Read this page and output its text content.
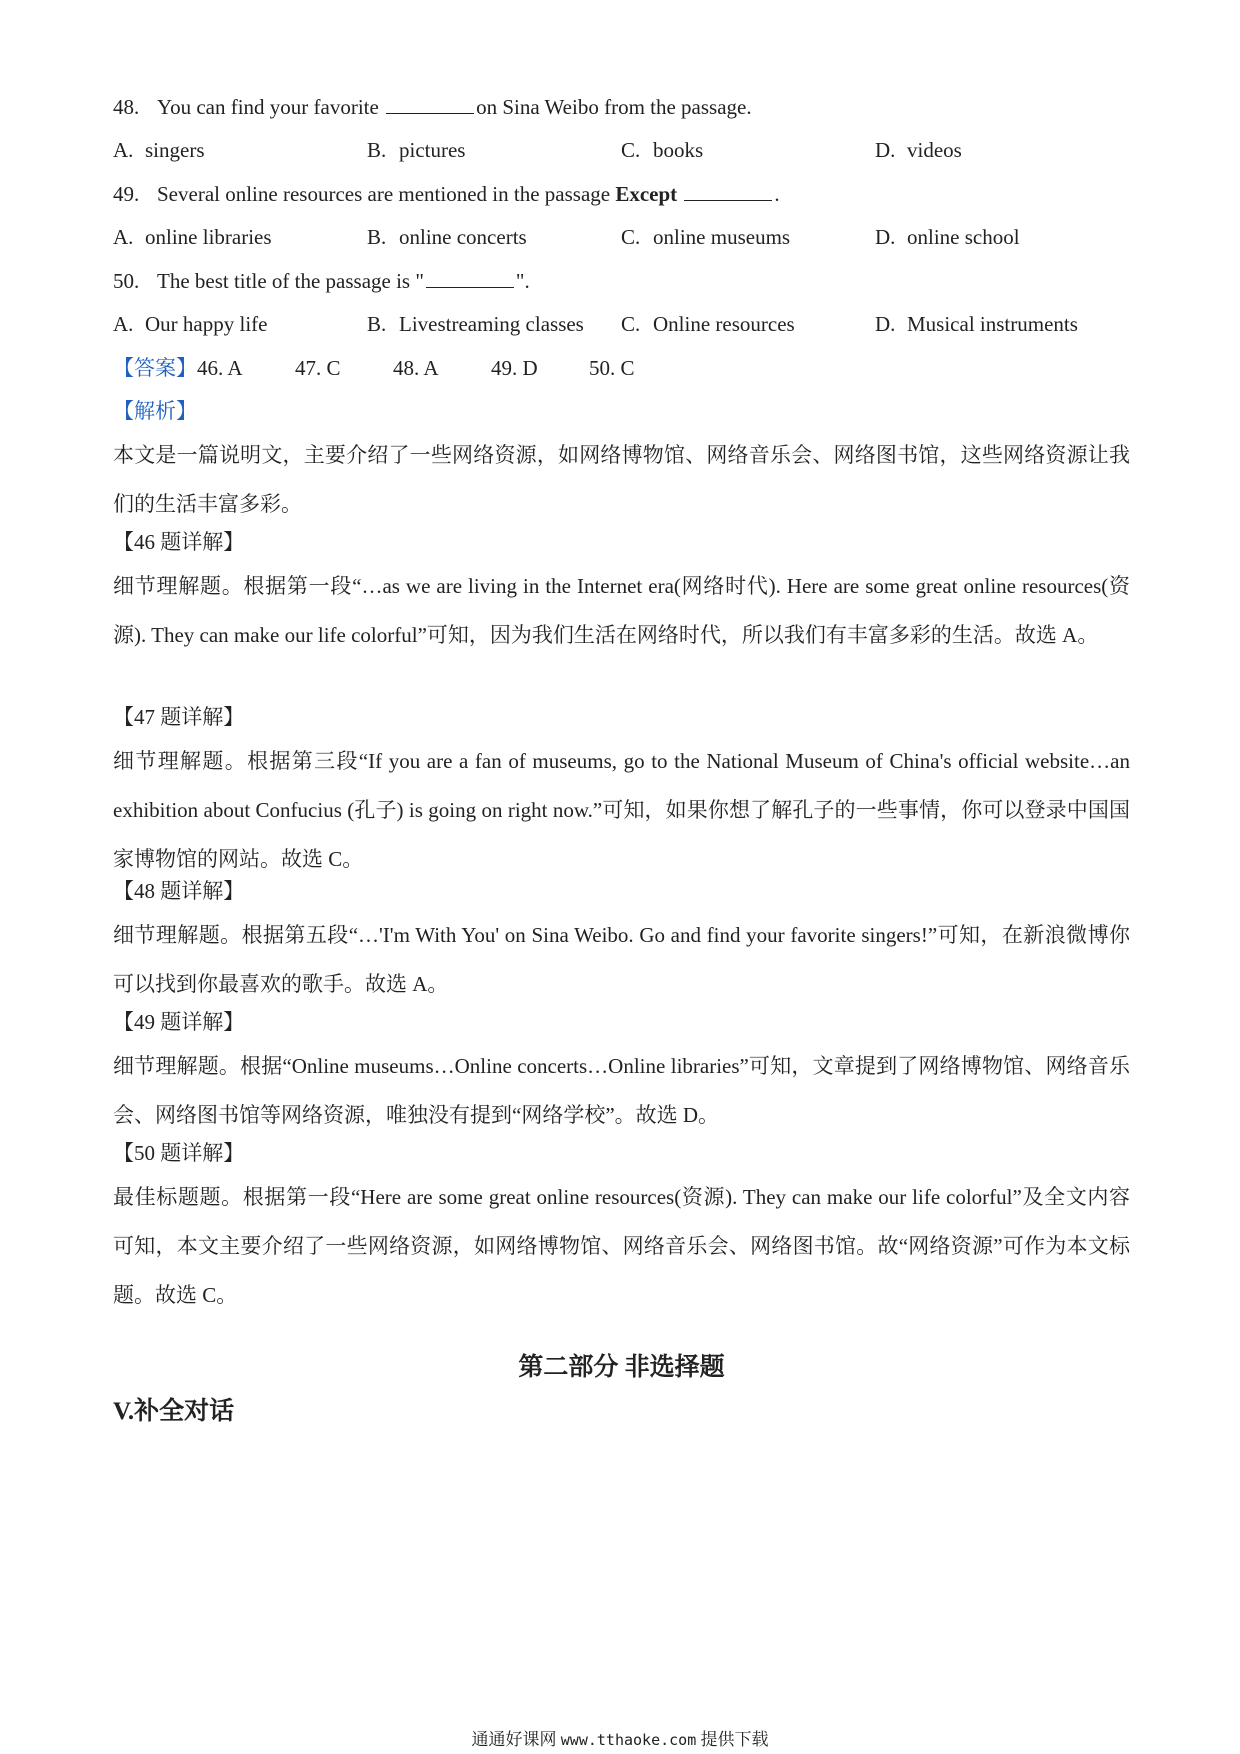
48. You can find your favorite	on Sina Weibo from the passage.
A. singers	B. pictures	C. books	D. videos
49. Several online resources are mentioned in the passage Except	.
A. online libraries	B. online concerts	C. online museums	D. online school
50. The best title of the passage is "	".
A. Our happy life	B. Livestreaming classes C. Online resources	D. Musical instruments
【答案】46. A 47. C 48. A 49. D 50. C
【解析】
本文是一篇说明文，主要介绍了一些网络资源，如网络博物馆、网络音乐会、网络图书馆，这些网络资源让我们的生活丰富多彩。
【46 题详解】
细节理解题。根据第一段“…as we are living in the Internet era(网络时代). Here are some great online resources(资源). They can make our life colorful”可知，因为我们生活在网络时代，所以我们有丰富多彩的生活。故选 A。
【47 题详解】
细节理解题。根据第三段“If you are a fan of museums, go to the National Museum of China's official website…an exhibition about Confucius (孔子) is going on right now.”可知，如果你想了解孔子的一些事情，你可以登录中国国家博物馆的网站。故选 C。
【48 题详解】
细节理解题。根据第五段“…'I'm With You' on Sina Weibo. Go and find your favorite singers!”可知，在新浪微博你可以找到你最喜欢的歌手。故选 A。
【49 题详解】
细节理解题。根据“Online museums…Online concerts…Online libraries”可知，文章提到了网络博物馆、网络音乐会、网络图书馆等网络资源，唯独没有提到“网络学校”。故选 D。
【50 题详解】
最佳标题题。根据第一段“Here are some great online resources(资源). They can make our life colorful”及全文内容可知，本文主要介绍了一些网络资源，如网络博物馆、网络音乐会、网络图书馆。故“网络资源”可作为本文标题。故选 C。
第二部分 非选择题
V.补全对话
通通好课网 www.tthaoke.com 提供下载
